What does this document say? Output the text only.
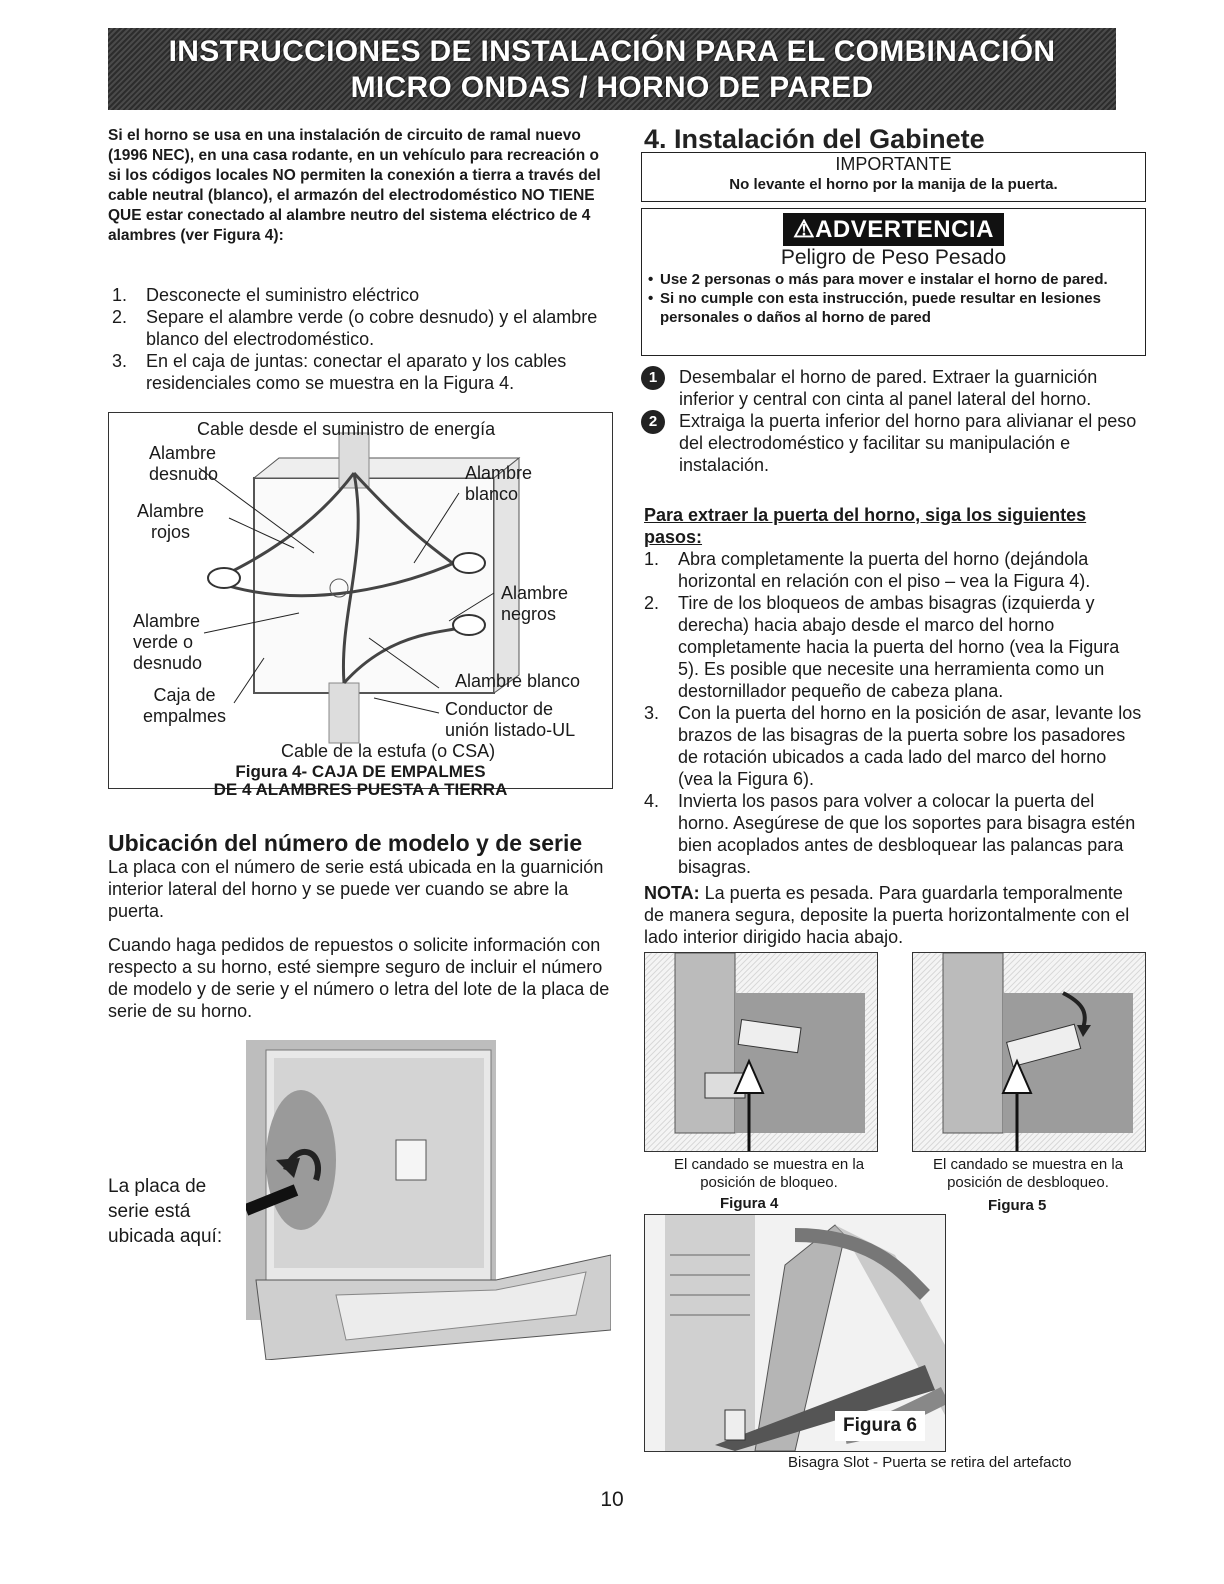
INSTRUCCIONES DE INSTALACIÓN PARA EL COMBINACIÓN
MICRO ONDAS / HORNO DE PARED
Si el horno se usa en una instalación de circuito de ramal nuevo (1996 NEC), en una casa rodante, en un vehículo para recreación o si los códigos locales NO permiten la conexión a tierra a través del cable neutral (blanco), el armazón del electrodoméstico NO TIENE QUE estar conectado al alambre neutro del sistema eléctrico de 4 alambres (ver Figura 4):
1. Desconecte el suministro eléctrico
2. Separe el alambre verde (o cobre desnudo) y el alambre blanco del electrodoméstico.
3. En el caja de juntas: conectar el aparato y los cables residenciales como se muestra en la Figura 4.
Cable desde el suministro de energía
Alambre
desnudo
Alambre
rojos
Alambre
blanco
Alambre
negros
Alambre
verde o
desnudo
Alambre blanco
Caja de
empalmes	Conductor de
unión listado-UL
Cable de la estufa (o CSA)
Figura 4- CAJA DE EMPALMES
DE 4 ALAMBRES PUESTA A TIERRA
Ubicación del número de modelo y de serie
La placa con el número de serie está ubicada en la guarnición interior lateral del horno y se puede ver cuando se abre la puerta.
Cuando haga pedidos de repuestos o solicite información con respecto a su horno, esté siempre seguro de incluir el número de modelo y de serie y el número o letra del lote de la placa de serie de su horno.
La placa de
serie está
ubicada aquí:
4. Instalación del Gabinete
IMPORTANTE
No levante el horno por la manija de la puerta.
⚠ADVERTENCIA
Peligro de Peso Pesado
• Use 2 personas o más para mover e instalar el horno de pared.
• Si no cumple con esta instrucción, puede resultar en lesiones personales o daños al horno de pared
1	Desembalar el horno de pared. Extraer la guarnición inferior y central con cinta al panel lateral del horno.
2	Extraiga la puerta inferior del horno para alivianar el peso del electrodoméstico y facilitar su manipulación e instalación.
Para extraer la puerta del horno, siga los siguientes pasos:
1. Abra completamente la puerta del horno (dejándola horizontal en relación con el piso – vea la Figura 4).
2. Tire de los bloqueos de ambas bisagras (izquierda y derecha) hacia abajo desde el marco del horno completamente hacia la puerta del horno (vea la Figura 5). Es posible que necesite una herramienta como un destornillador pequeño de cabeza plana.
3. Con la puerta del horno en la posición de asar, levante los brazos de las bisagras de la puerta sobre los pasadores de rotación ubicados a cada lado del marco del horno (vea la Figura 6).
4. Invierta los pasos para volver a colocar la puerta del horno. Asegúrese de que los soportes para bisagra estén bien acoplados antes de desbloquear las palancas para bisagras.
NOTA: La puerta es pesada. Para guardarla temporalmente de manera segura, deposite la puerta horizontalmente con el lado interior dirigido hacia abajo.
El candado se muestra en la
posición de bloqueo.
Figura 4
El candado se muestra en la
posición de desbloqueo.
Figura 5
Figura 6
Bisagra Slot - Puerta se retira del artefacto
10
